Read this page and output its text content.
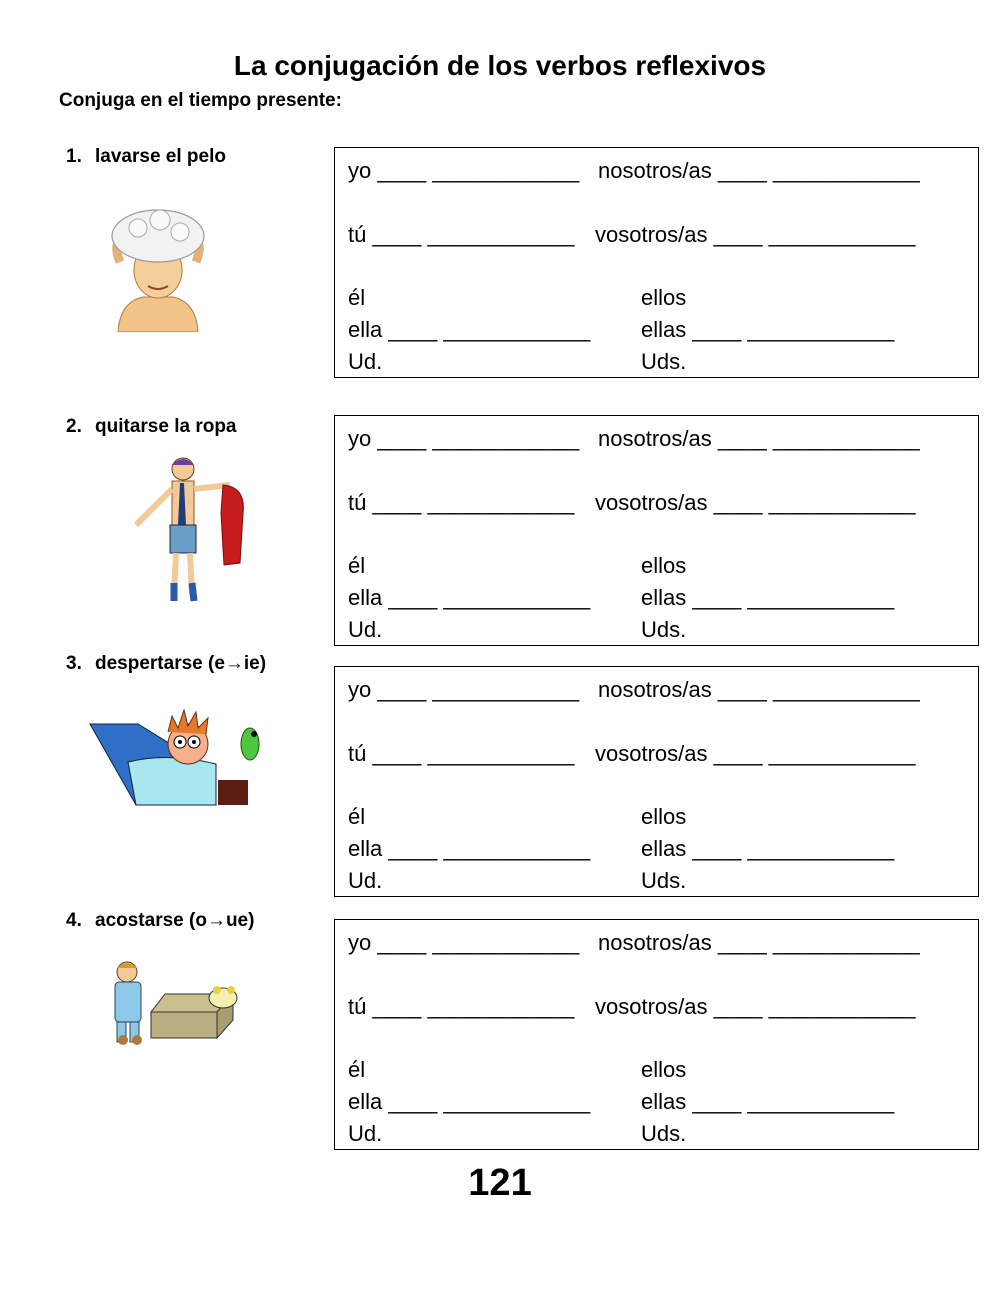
La conjugación de los verbos reflexivos
Conjuga en el tiempo presente:
1. lavarse el pelo
yo ____ ____________ nosotros/as ____ ____________
tú ____ ____________ vosotros/as ____ ____________
él
ella ____ ____________
Ud.
ellos
ellas ____ ____________
Uds.
2. quitarse la ropa	yo ____ ____________ nosotros/as ____ ____________
tú ____ ____________ vosotros/as ____ ____________
él
ella ____ ____________
Ud.
ellos
ellas ____ ____________
Uds.
3. despertarse (e→ie)
yo ____ ____________ nosotros/as ____ ____________
tú ____ ____________ vosotros/as ____ ____________
él
ella ____ ____________
Ud.
ellos
ellas ____ ____________
Uds.
4. acostarse (o→ue)
yo ____ ____________ nosotros/as ____ ____________
tú ____ ____________ vosotros/as ____ ____________
él
ella ____ ____________
Ud.
ellos
ellas ____ ____________
Uds.
121
